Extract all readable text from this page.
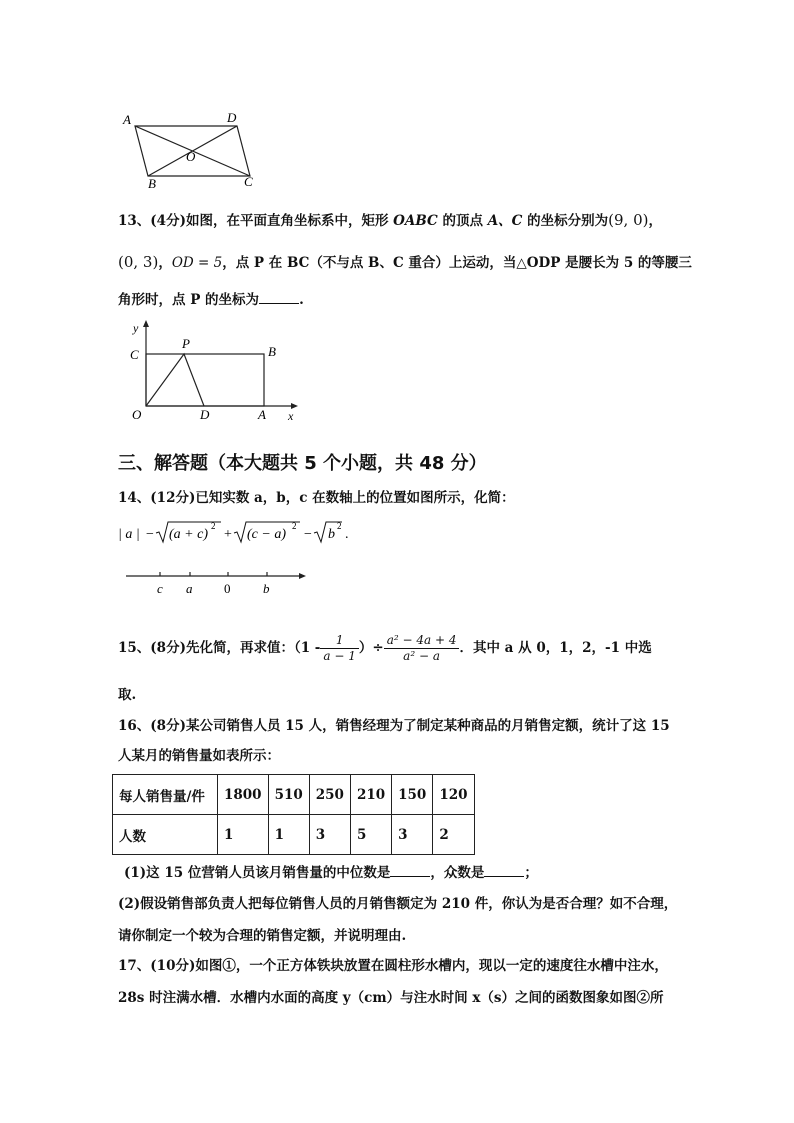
A	D
O
B	C
13、(4分)如图，在平面直角坐标系中，矩形 OABC 的顶点 A、C 的坐标分别为(9, 0)，
(0, 3)，OD = 5，点 P 在 BC（不与点 B、C 重合）上运动，当△ODP 是腰长为 5 的等腰三
角形时，点 P 的坐标为	.
y
C
P
B
O	D	A x
三、解答题（本大题共 5 个小题，共 48 分）
14、(12分)已知实数 a，b，c 在数轴上的位置如图所示，化简：
| a | − (a + c)
2
+ (c − a)
2
− b
2
.
c a 0	b
15、(8分)先化简，再求值：（$1 - \frac{1}{a - 1}$ ）÷ $\frac{\text{a² − 4a + 4}}{\text{a² − a}}$ ．其中 a 从 0，1，2，-1 中选
取.
16、(8分)某公司销售人员 15 人，销售经理为了制定某种商品的月销售定额，统计了这 15
人某月的销售量如表所示：
每人销售量/件	1800	510	250	210	150	120
人数	1	1	3	5	3	2
(1)这 15 位营销人员该月销售量的中位数是	，众数是	；
(2)假设销售部负责人把每位销售人员的月销售额定为 210 件，你认为是否合理？如不合理，
请你制定一个较为合理的销售定额，并说明理由.
17、(10分)如图①，一个正方体铁块放置在圆柱形水槽内，现以一定的速度往水槽中注水，
28s 时注满水槽．水槽内水面的高度 y（cm）与注水时间 x（s）之间的函数图象如图②所
